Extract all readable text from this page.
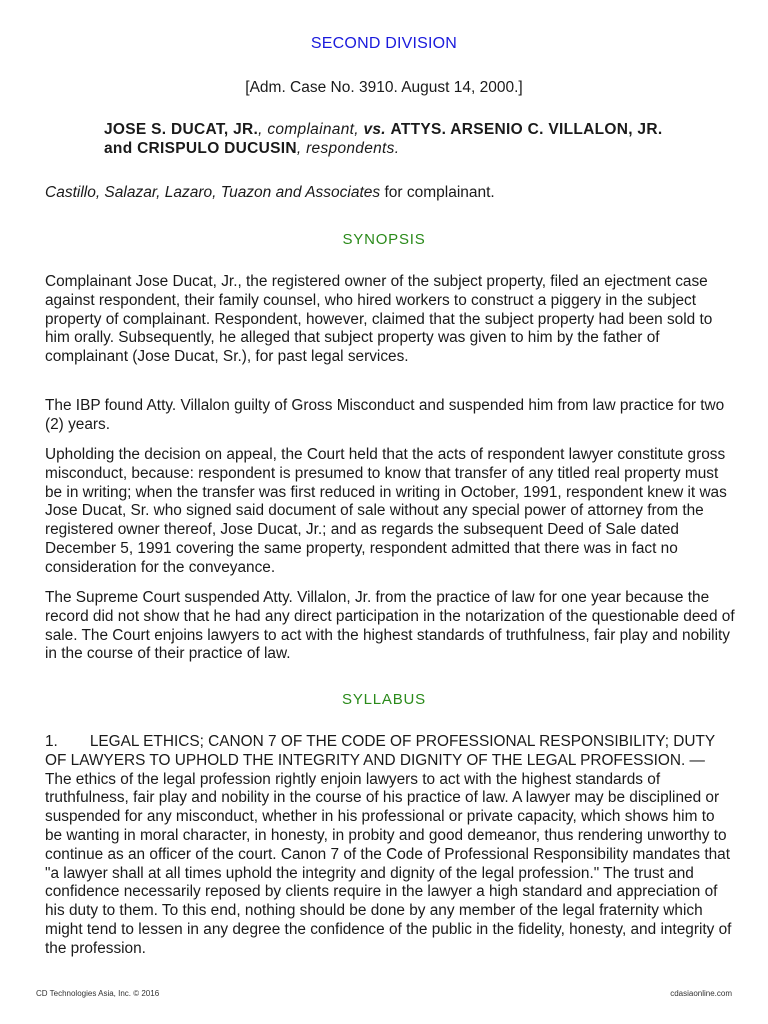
SECOND DIVISION
[Adm. Case No. 3910. August 14, 2000.]
JOSE S. DUCAT, JR., complainant, vs. ATTYS. ARSENIO C. VILLALON, JR. and CRISPULO DUCUSIN, respondents.
Castillo, Salazar, Lazaro, Tuazon and Associates for complainant.
SYNOPSIS
Complainant Jose Ducat, Jr., the registered owner of the subject property, filed an ejectment case against respondent, their family counsel, who hired workers to construct a piggery in the subject property of complainant. Respondent, however, claimed that the subject property had been sold to him orally. Subsequently, he alleged that subject property was given to him by the father of complainant (Jose Ducat, Sr.), for past legal services.
The IBP found Atty. Villalon guilty of Gross Misconduct and suspended him from law practice for two (2) years.
Upholding the decision on appeal, the Court held that the acts of respondent lawyer constitute gross misconduct, because: respondent is presumed to know that transfer of any titled real property must be in writing; when the transfer was first reduced in writing in October, 1991, respondent knew it was Jose Ducat, Sr. who signed said document of sale without any special power of attorney from the registered owner thereof, Jose Ducat, Jr.; and as regards the subsequent Deed of Sale dated December 5, 1991 covering the same property, respondent admitted that there was in fact no consideration for the conveyance.
The Supreme Court suspended Atty. Villalon, Jr. from the practice of law for one year because the record did not show that he had any direct participation in the notarization of the questionable deed of sale. The Court enjoins lawyers to act with the highest standards of truthfulness, fair play and nobility in the course of their practice of law.
SYLLABUS
1. LEGAL ETHICS; CANON 7 OF THE CODE OF PROFESSIONAL RESPONSIBILITY; DUTY OF LAWYERS TO UPHOLD THE INTEGRITY AND DIGNITY OF THE LEGAL PROFESSION. — The ethics of the legal profession rightly enjoin lawyers to act with the highest standards of truthfulness, fair play and nobility in the course of his practice of law. A lawyer may be disciplined or suspended for any misconduct, whether in his professional or private capacity, which shows him to be wanting in moral character, in honesty, in probity and good demeanor, thus rendering unworthy to continue as an officer of the court. Canon 7 of the Code of Professional Responsibility mandates that "a lawyer shall at all times uphold the integrity and dignity of the legal profession." The trust and confidence necessarily reposed by clients require in the lawyer a high standard and appreciation of his duty to them. To this end, nothing should be done by any member of the legal fraternity which might tend to lessen in any degree the confidence of the public in the fidelity, honesty, and integrity of the profession.
CD Technologies Asia, Inc. © 2016	cdasiaonline.com
